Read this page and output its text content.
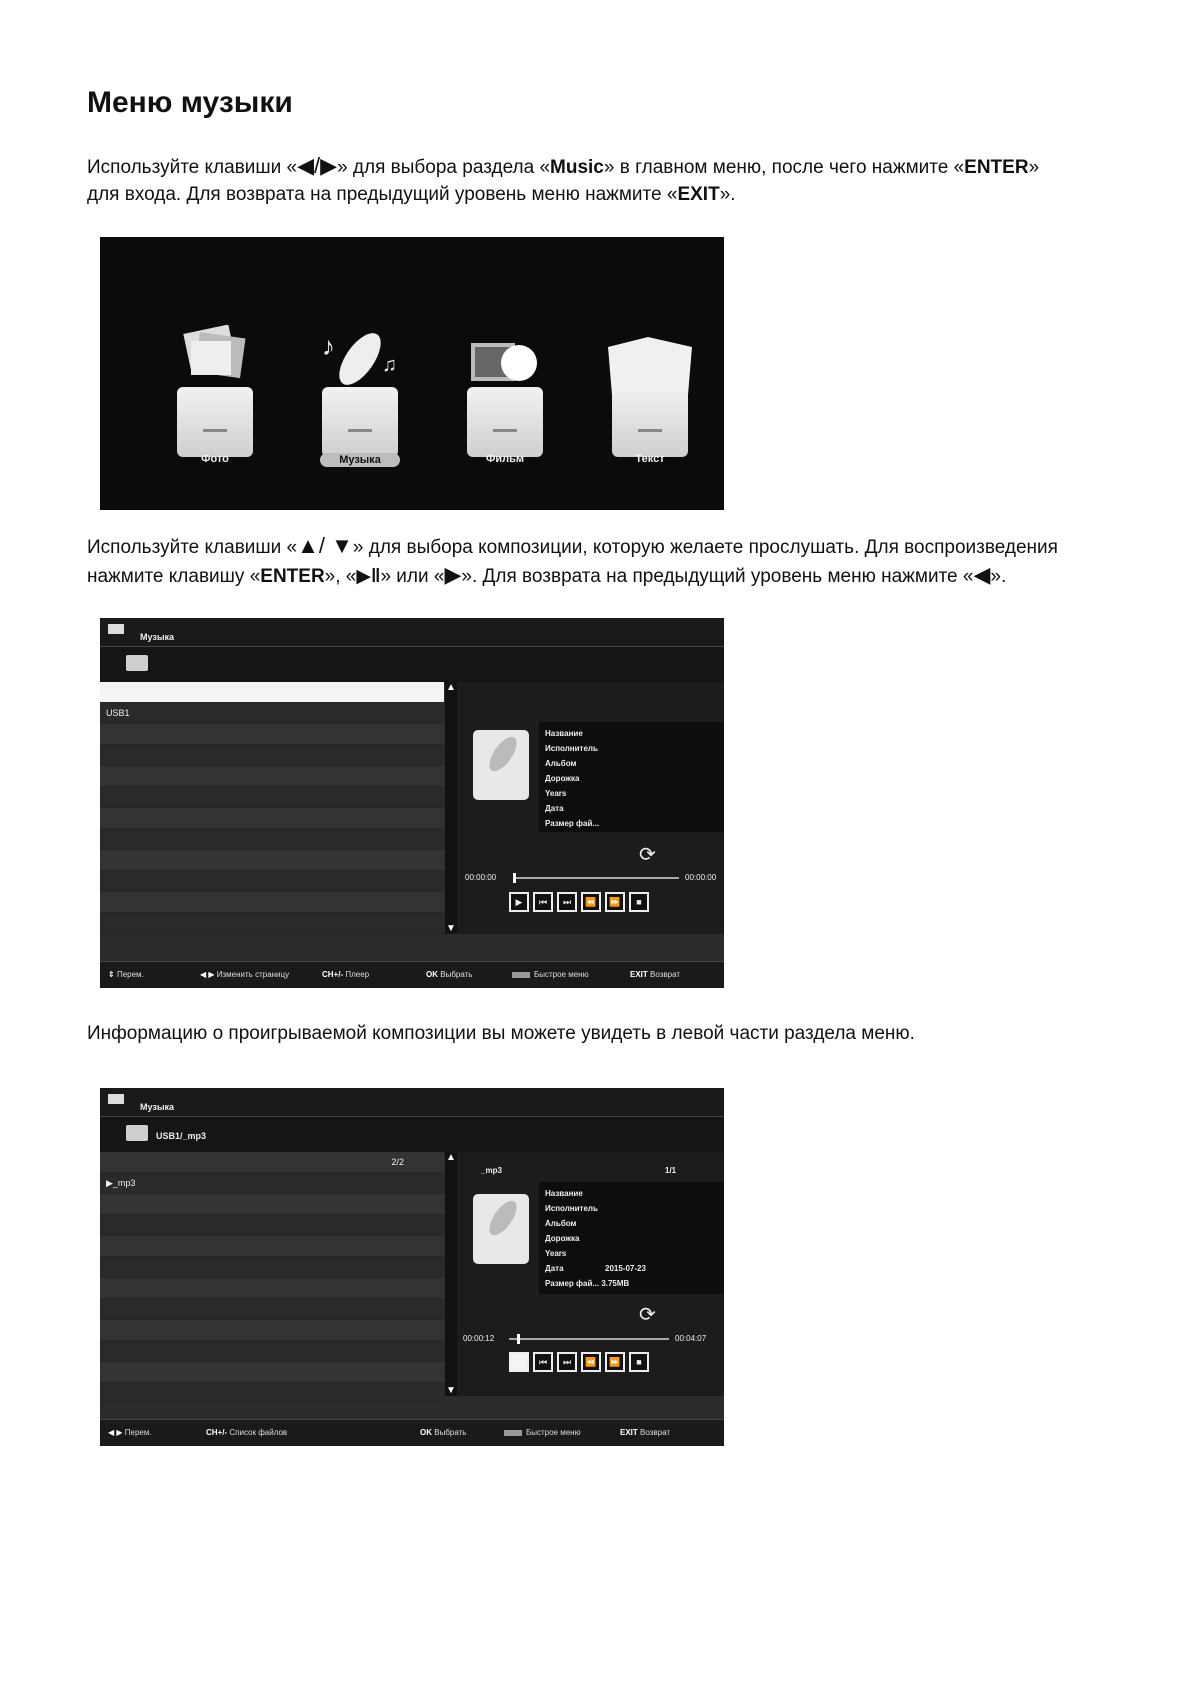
Меню музыки

Используйте клавиши «◀/▶» для выбора раздела «Music» в главном меню, после чего нажмите «ENTER»
для входа. Для возврата на предыдущий уровень меню нажмите «EXIT».

Фото
♪
♫
Музыка	Фильм	Текст

Используйте клавиши «▲/ ▼» для выбора композиции, которую желаете прослушать. Для воспроизведения
нажмите клавишу «ENTER», «▶‖» или «▶». Для возврата на предыдущий уровень меню нажмите «◀».

Музыка
USB1
▲
▼
Название
Исполнитель
Альбом
Дорожка
Years
Дата
Размер фай...
⟳
00:00:00	00:00:00
▶	⏮	⏭	⏪	⏩	■
⇕ Перем.	◀ ▶ Изменить страницу	CH+/- Плеер	OK Выбрать	Быстрое меню	EXIT Возврат

Информацию о проигрываемой композиции вы можете увидеть в левой части раздела меню.

Музыка
USB1/_mp3
2/2
▶_mp3
▲
▼
_mp3	1/1
Название
Исполнитель
Альбом
Дорожка
Years
Дата	2015-07-23
Размер фай... 3.75MB
⟳
00:00:12	00:04:07
⏮	⏭	⏪	⏩	■
◀ ▶ Перем.	CH+/- Список файлов	OK Выбрать	Быстрое меню	EXIT Возврат
